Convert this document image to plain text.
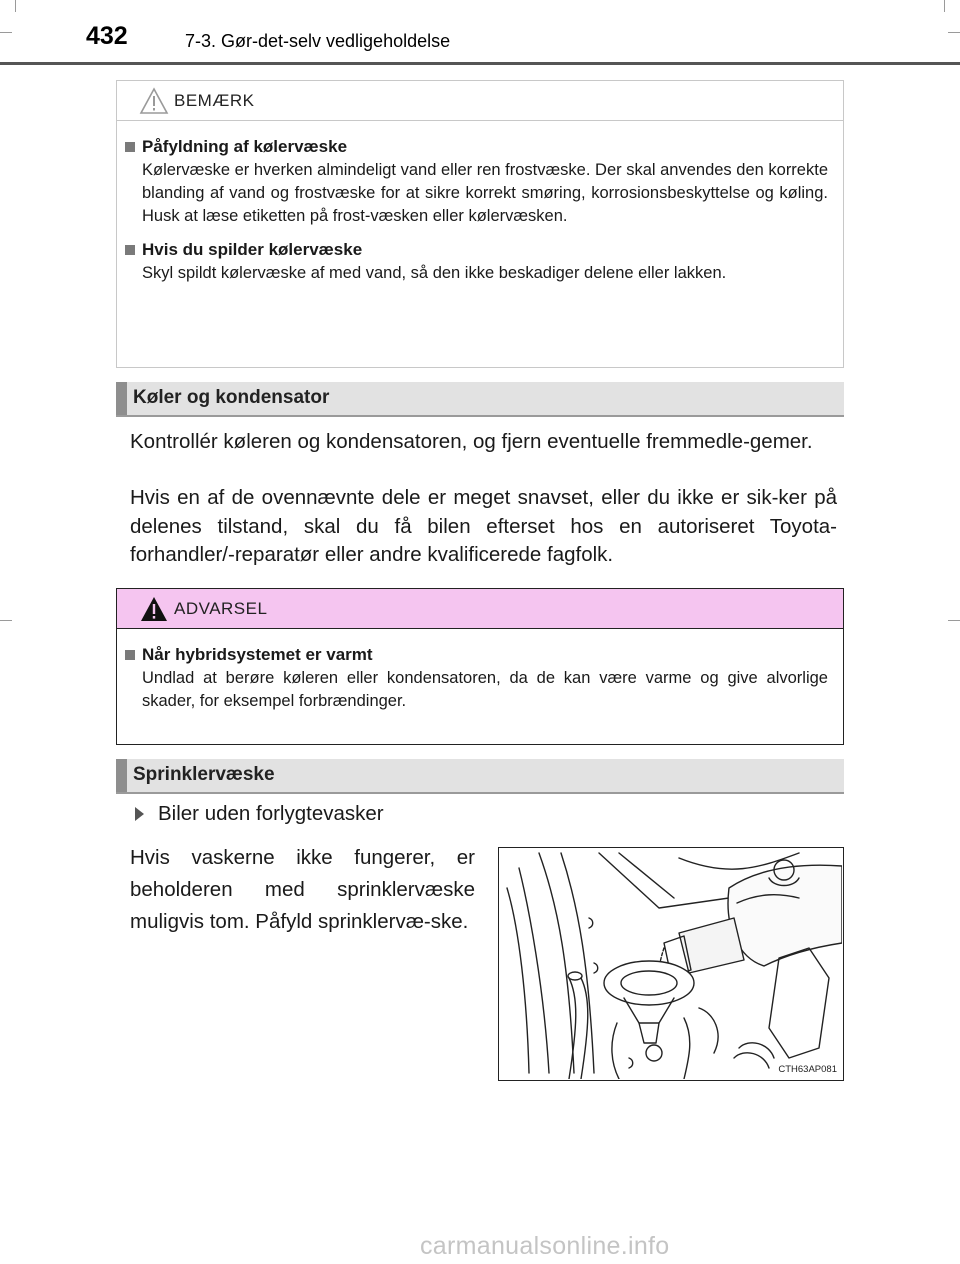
432	7-3. Gør-det-selv vedligeholdelse
BEMÆRK
Påfyldning af kølervæske
Kølervæske er hverken almindeligt vand eller ren frostvæske. Der skal anvendes den korrekte blanding af vand og frostvæske for at sikre korrekt smøring, korrosionsbeskyttelse og køling. Husk at læse etiketten på frost-væsken eller kølervæsken.
Hvis du spilder kølervæske
Skyl spildt kølervæske af med vand, så den ikke beskadiger delene eller lakken.
Køler og kondensator

Kontrollér køleren og kondensatoren, og fjern eventuelle fremmedle-gemer.

Hvis en af de ovennævnte dele er meget snavset, eller du ikke er sik-ker på delenes tilstand, skal du få bilen efterset hos en autoriseret Toyota-forhandler/-reparatør eller andre kvalificerede fagfolk.

ADVARSEL
Når hybridsystemet er varmt
Undlad at berøre køleren eller kondensatoren, da de kan være varme og give alvorlige skader, for eksempel forbrændinger.
Sprinklervæske
Biler uden forlygtevasker

Hvis vaskerne ikke fungerer, er beholderen med sprinklervæske muligvis tom. Påfyld sprinklervæ-ske.

CTH63AP081
carmanualsonline.info
